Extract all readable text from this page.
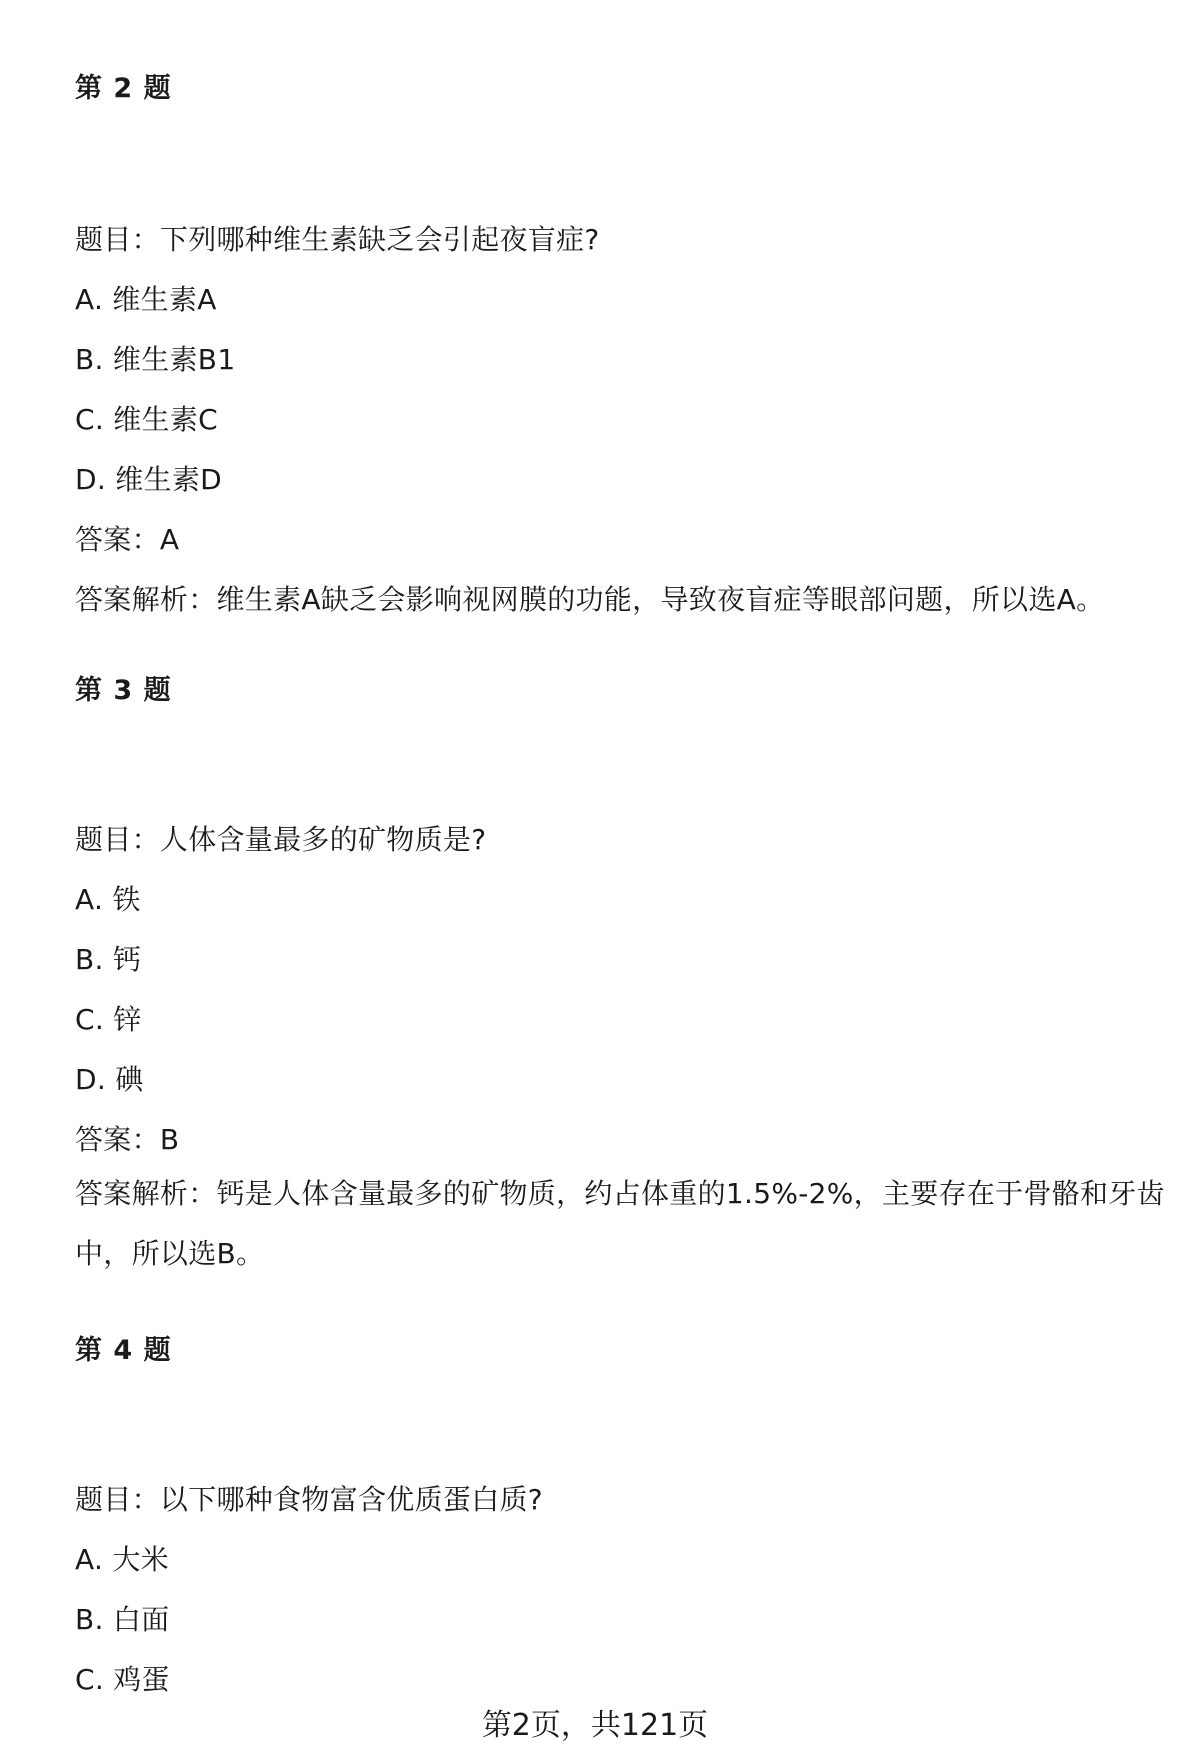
第 2 题
题目：下列哪种维生素缺乏会引起夜盲症?
A. 维生素A
B. 维生素B1
C. 维生素C
D. 维生素D
答案：A
答案解析：维生素A缺乏会影响视网膜的功能，导致夜盲症等眼部问题，所以选A。
第 3 题
题目：人体含量最多的矿物质是?
A. 铁
B. 钙
C. 锌
D. 碘
答案：B
答案解析：钙是人体含量最多的矿物质，约占体重的1.5%-2%，主要存在于骨骼和牙齿中，所以选B。
第 4 题
题目：以下哪种食物富含优质蛋白质?
A. 大米
B. 白面
C. 鸡蛋
第2页，共121页
